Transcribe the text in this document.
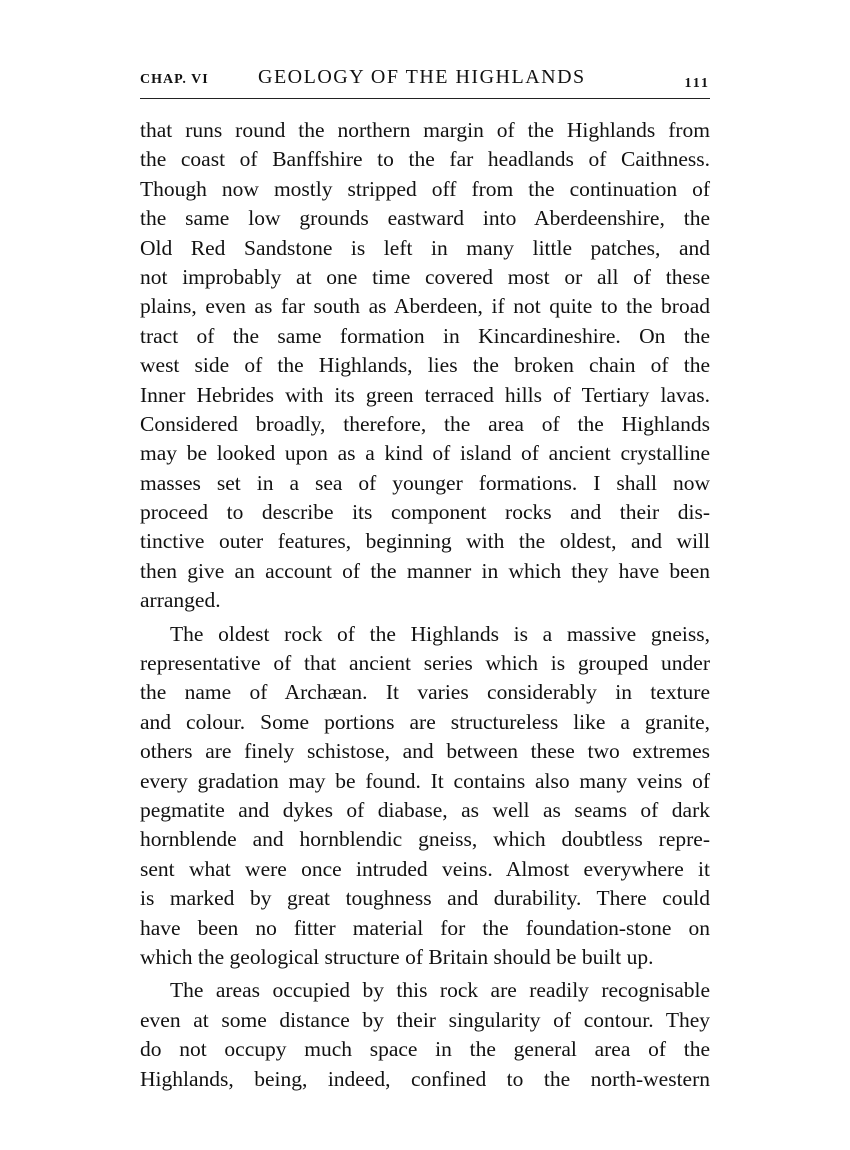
CHAP. VI GEOLOGY OF THE HIGHLANDS	111
that runs round the northern margin of the Highlands from
the coast of Banffshire to the far headlands of Caithness.
Though now mostly stripped off from the continuation of
the same low grounds eastward into Aberdeenshire, the
Old Red Sandstone is left in many little patches, and
not improbably at one time covered most or all of these
plains, even as far south as Aberdeen, if not quite to the broad
tract of the same formation in Kincardineshire. On the
west side of the Highlands, lies the broken chain of the
Inner Hebrides with its green terraced hills of Tertiary lavas.
Considered broadly, therefore, the area of the Highlands
may be looked upon as a kind of island of ancient crystalline
masses set in a sea of younger formations. I shall now
proceed to describe its component rocks and their dis-
tinctive outer features, beginning with the oldest, and will
then give an account of the manner in which they have been
arranged.
The oldest rock of the Highlands is a massive gneiss,
representative of that ancient series which is grouped under
the name of Archæan. It varies considerably in texture
and colour. Some portions are structureless like a granite,
others are finely schistose, and between these two extremes
every gradation may be found. It contains also many veins of
pegmatite and dykes of diabase, as well as seams of dark
hornblende and hornblendic gneiss, which doubtless repre-
sent what were once intruded veins. Almost everywhere it
is marked by great toughness and durability. There could
have been no fitter material for the foundation-stone on
which the geological structure of Britain should be built up.
The areas occupied by this rock are readily recognisable
even at some distance by their singularity of contour. They
do not occupy much space in the general area of the
Highlands, being, indeed, confined to the north-western
